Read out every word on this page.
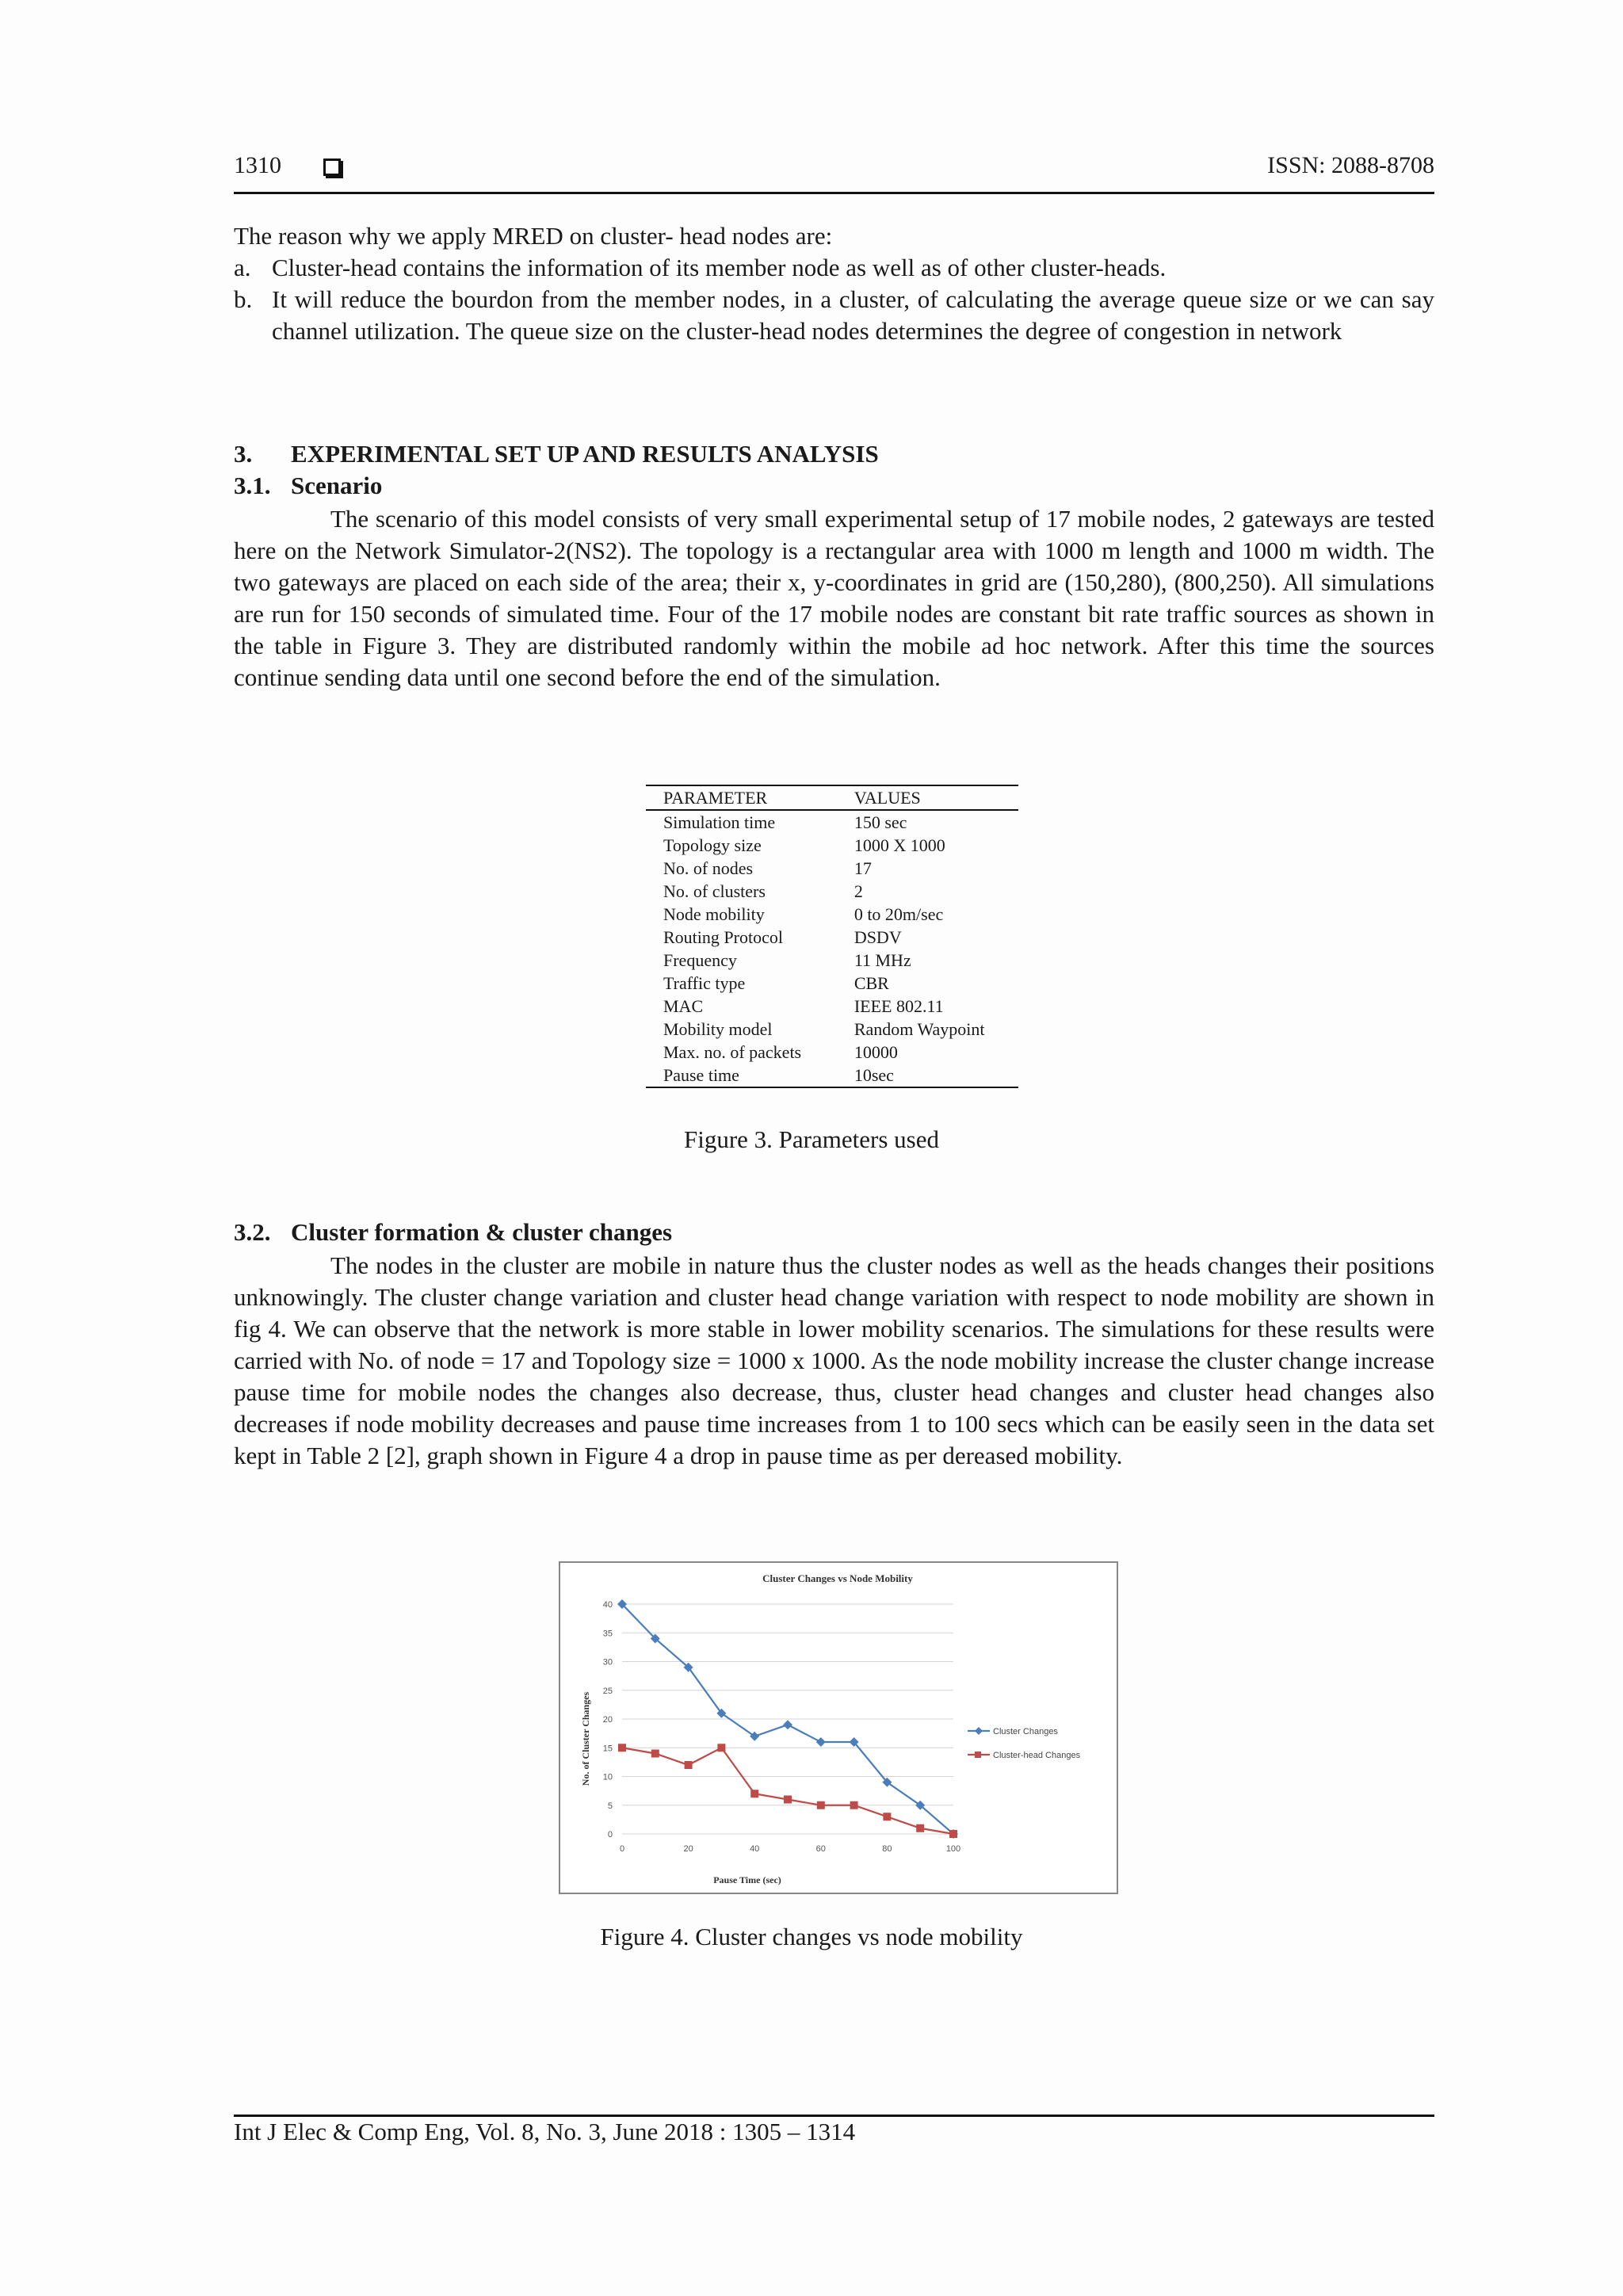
1310	ISSN: 2088-8708
The reason why we apply MRED on cluster- head nodes are:
a. Cluster-head contains the information of its member node as well as of other cluster-heads.
b. It will reduce the bourdon from the member nodes, in a cluster, of calculating the average queue size or we can say channel utilization. The queue size on the cluster-head nodes determines the degree of congestion in network
3. EXPERIMENTAL SET UP AND RESULTS ANALYSIS
3.1. Scenario
The scenario of this model consists of very small experimental setup of 17 mobile nodes, 2 gateways are tested here on the Network Simulator-2(NS2). The topology is a rectangular area with 1000 m length and 1000 m width. The two gateways are placed on each side of the area; their x, y-coordinates in grid are (150,280), (800,250). All simulations are run for 150 seconds of simulated time. Four of the 17 mobile nodes are constant bit rate traffic sources as shown in the table in Figure 3. They are distributed randomly within the mobile ad hoc network. After this time the sources continue sending data until one second before the end of the simulation.
PARAMETER	VALUES
Simulation time	150 sec
Topology size	1000 X 1000
No. of nodes	17
No. of clusters	2
Node mobility	0 to 20m/sec
Routing Protocol	DSDV
Frequency	11 MHz
Traffic type	CBR
MAC	IEEE 802.11
Mobility model	Random Waypoint
Max. no. of packets	10000
Pause time	10sec
Figure 3. Parameters used
3.2. Cluster formation & cluster changes
The nodes in the cluster are mobile in nature thus the cluster nodes as well as the heads changes their positions unknowingly. The cluster change variation and cluster head change variation with respect to node mobility are shown in fig 4. We can observe that the network is more stable in lower mobility scenarios. The simulations for these results were carried with No. of node = 17 and Topology size = 1000 x 1000. As the node mobility increase the cluster change increase pause time for mobile nodes the changes also decrease, thus, cluster head changes and cluster head changes also decreases if node mobility decreases and pause time increases from 1 to 100 secs which can be easily seen in the data set kept in Table 2 [2], graph shown in Figure 4 a drop in pause time as per dereased mobility.
Cluster Changes vs Node Mobility
0
5
10
15
20
25
30
35
40
0	20	40	60	80	100
No. of Cluster Changes
Pause Time (sec)
Cluster Changes
Cluster-head Changes
Figure 4. Cluster changes vs node mobility
Int J Elec & Comp Eng, Vol. 8, No. 3, June 2018 : 1305 – 1314
